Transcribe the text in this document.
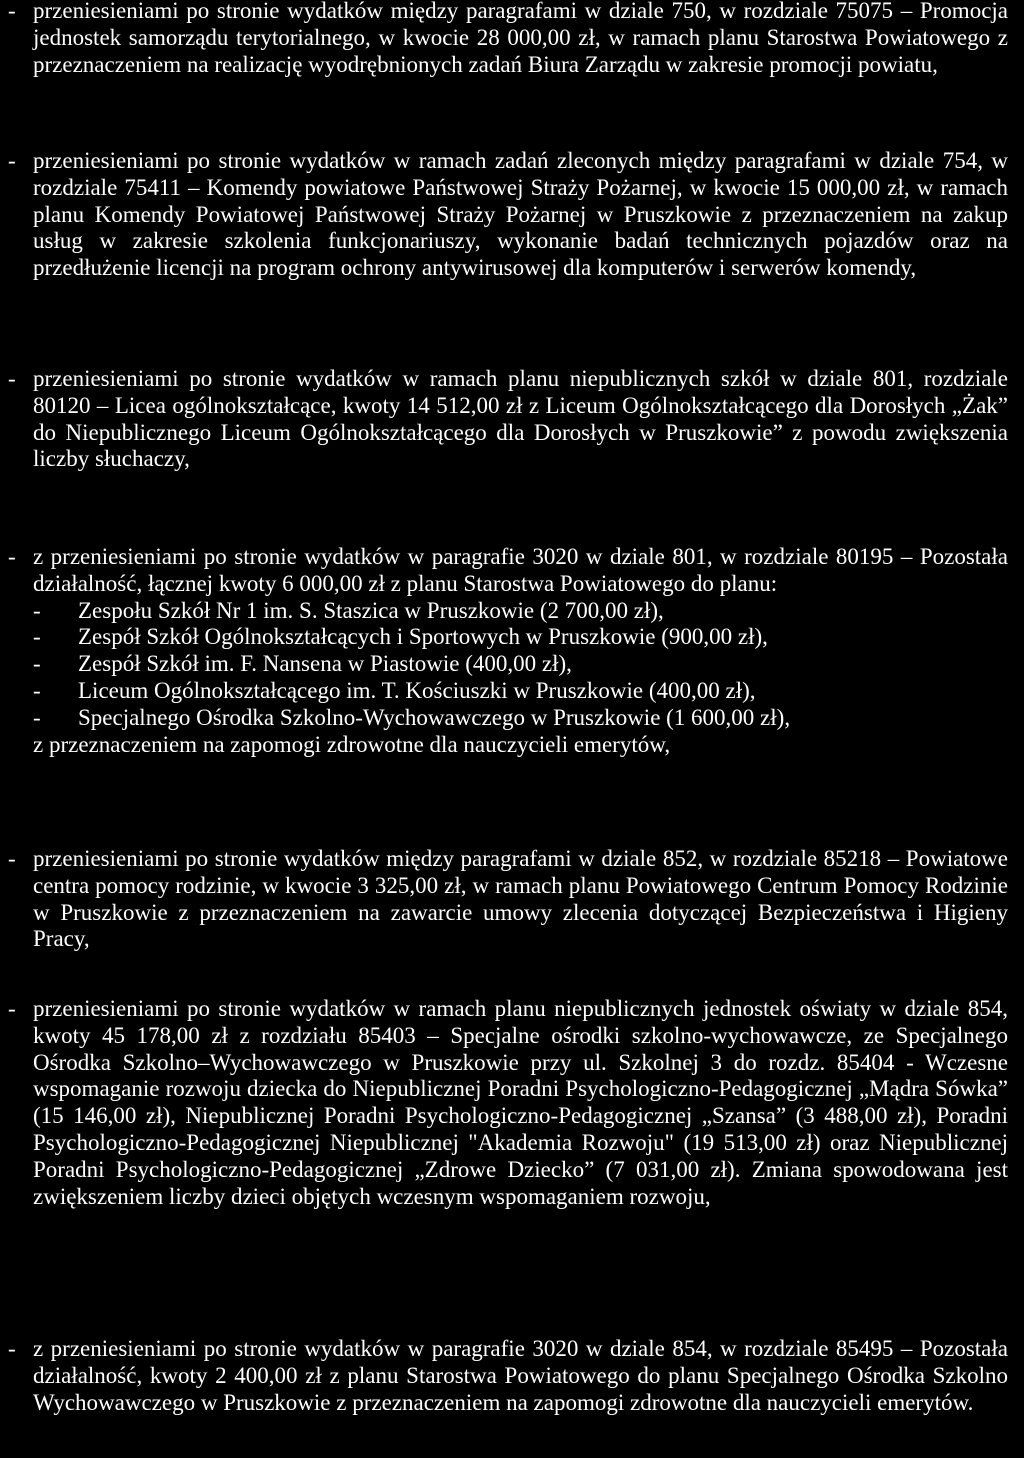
- przeniesieniami po stronie wydatków między paragrafami w dziale 750, w rozdziale 75075 – Promocja jednostek samorządu terytorialnego, w kwocie 28 000,00 zł, w ramach planu Starostwa Powiatowego z przeznaczeniem na realizację wyodrębnionych zadań Biura Zarządu w zakresie promocji powiatu,

- przeniesieniami po stronie wydatków w ramach zadań zleconych między paragrafami w dziale 754, w rozdziale 75411 – Komendy powiatowe Państwowej Straży Pożarnej, w kwocie 15 000,00 zł, w ramach planu Komendy Powiatowej Państwowej Straży Pożarnej w Pruszkowie z przeznaczeniem na zakup usług w zakresie szkolenia funkcjonariuszy, wykonanie badań technicznych pojazdów oraz na przedłużenie licencji na program ochrony antywirusowej dla komputerów i serwerów komendy,

- przeniesieniami po stronie wydatków w ramach planu niepublicznych szkół w dziale 801, rozdziale 80120 – Licea ogólnokształcące, kwoty 14 512,00 zł z Liceum Ogólnokształcącego dla Dorosłych „Żak” do Niepublicznego Liceum Ogólnokształcącego dla Dorosłych w Pruszkowie” z powodu zwiększenia liczby słuchaczy,

- z przeniesieniami po stronie wydatków w paragrafie 3020 w dziale 801, w rozdziale 80195 – Pozostała działalność, łącznej kwoty 6 000,00 zł z planu Starostwa Powiatowego do planu:

- Zespołu Szkół Nr 1 im. S. Staszica w Pruszkowie (2 700,00 zł),
- Zespół Szkół Ogólnokształcących i Sportowych w Pruszkowie (900,00 zł),
- Zespół Szkół im. F. Nansena w Piastowie (400,00 zł),
- Liceum Ogólnokształcącego im. T. Kościuszki w Pruszkowie (400,00 zł),
- Specjalnego Ośrodka Szkolno-Wychowawczego w Pruszkowie (1 600,00 zł),

z przeznaczeniem na zapomogi zdrowotne dla nauczycieli emerytów,

- przeniesieniami po stronie wydatków między paragrafami w dziale 852, w rozdziale 85218 – Powiatowe centra pomocy rodzinie, w kwocie 3 325,00 zł, w ramach planu Powiatowego Centrum Pomocy Rodzinie w Pruszkowie z przeznaczeniem na zawarcie umowy zlecenia dotyczącej Bezpieczeństwa i Higieny Pracy,

- przeniesieniami po stronie wydatków w ramach planu niepublicznych jednostek oświaty w dziale 854, kwoty 45 178,00 zł z rozdziału 85403 – Specjalne ośrodki szkolno-wychowawcze, ze Specjalnego Ośrodka Szkolno–Wychowawczego w Pruszkowie przy ul. Szkolnej 3 do rozdz. 85404 - Wczesne wspomaganie rozwoju dziecka do Niepublicznej Poradni Psychologiczno-Pedagogicznej „Mądra Sówka” (15 146,00 zł), Niepublicznej Poradni Psychologiczno-Pedagogicznej „Szansa” (3 488,00 zł), Poradni Psychologiczno-Pedagogicznej Niepublicznej "Akademia Rozwoju" (19 513,00 zł) oraz Niepublicznej Poradni Psychologiczno-Pedagogicznej „Zdrowe Dziecko” (7 031,00 zł). Zmiana spowodowana jest zwiększeniem liczby dzieci objętych wczesnym wspomaganiem rozwoju,

- z przeniesieniami po stronie wydatków w paragrafie 3020 w dziale 854, w rozdziale 85495 – Pozostała działalność, kwoty 2 400,00 zł z planu Starostwa Powiatowego do planu Specjalnego Ośrodka Szkolno Wychowawczego w Pruszkowie z przeznaczeniem na zapomogi zdrowotne dla nauczycieli emerytów.
